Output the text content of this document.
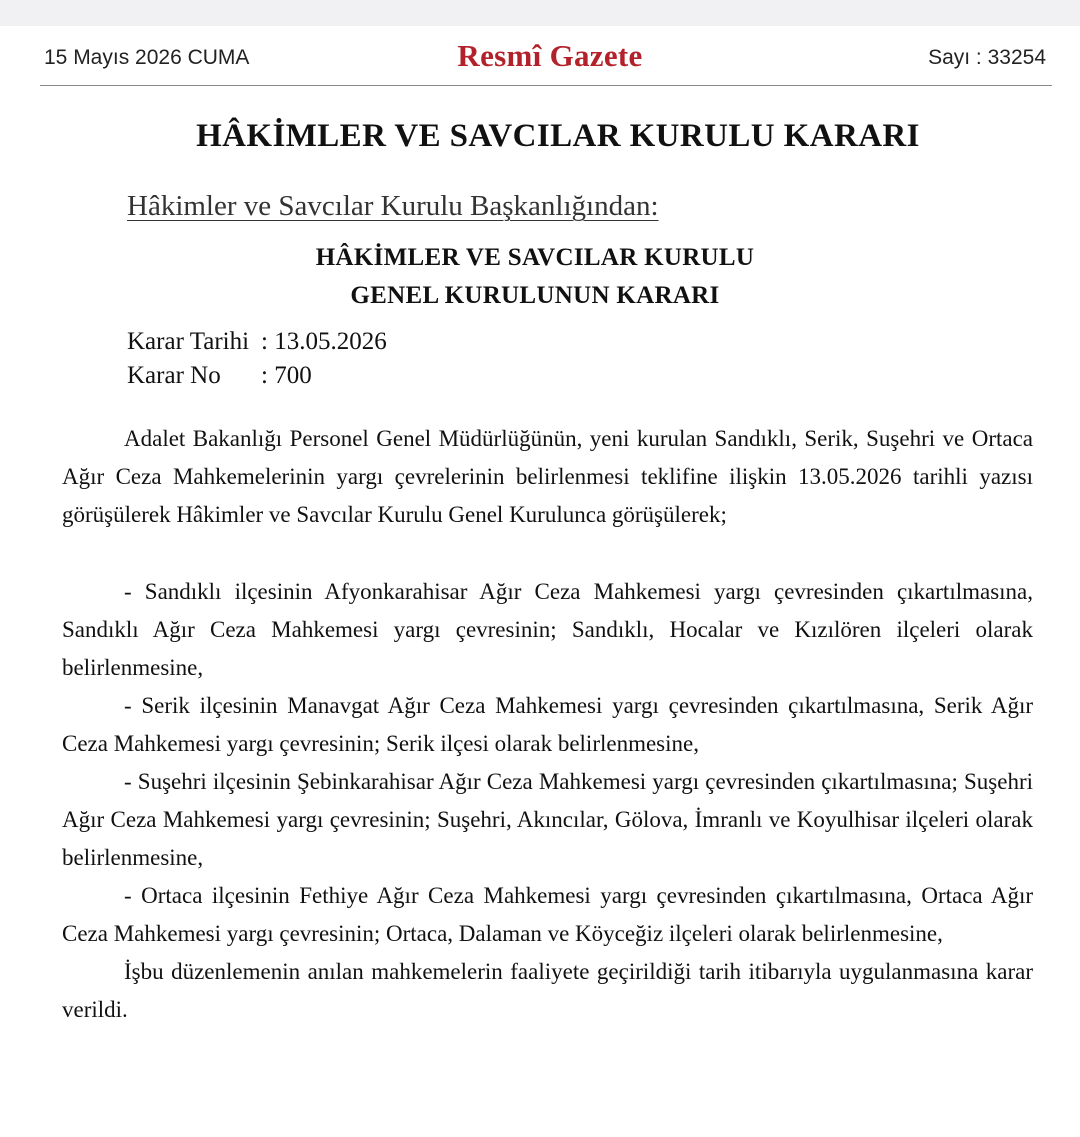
15 Mayıs 2026 CUMA	Resmî Gazete	Sayı : 33254
HÂKİMLER VE SAVCILAR KURULU KARARI
Hâkimler ve Savcılar Kurulu Başkanlığından:
HÂKİMLER VE SAVCILAR KURULU
GENEL KURULUNUN KARARI
Karar Tarihi : 13.05.2026
Karar No : 700

Adalet Bakanlığı Personel Genel Müdürlüğünün, yeni kurulan Sandıklı, Serik, Suşehri ve Ortaca Ağır Ceza Mahkemelerinin yargı çevrelerinin belirlenmesi teklifine ilişkin 13.05.2026 tarihli yazısı görüşülerek Hâkimler ve Savcılar Kurulu Genel Kurulunca görüşülerek;

- Sandıklı ilçesinin Afyonkarahisar Ağır Ceza Mahkemesi yargı çevresinden çıkartılmasına, Sandıklı Ağır Ceza Mahkemesi yargı çevresinin; Sandıklı, Hocalar ve Kızılören ilçeleri olarak belirlenmesine,

- Serik ilçesinin Manavgat Ağır Ceza Mahkemesi yargı çevresinden çıkartılmasına, Serik Ağır Ceza Mahkemesi yargı çevresinin; Serik ilçesi olarak belirlenmesine,

- Suşehri ilçesinin Şebinkarahisar Ağır Ceza Mahkemesi yargı çevresinden çıkartılmasına; Suşehri Ağır Ceza Mahkemesi yargı çevresinin; Suşehri, Akıncılar, Gölova, İmranlı ve Koyulhisar ilçeleri olarak belirlenmesine,

- Ortaca ilçesinin Fethiye Ağır Ceza Mahkemesi yargı çevresinden çıkartılmasına, Ortaca Ağır Ceza Mahkemesi yargı çevresinin; Ortaca, Dalaman ve Köyceğiz ilçeleri olarak belirlenmesine,

İşbu düzenlemenin anılan mahkemelerin faaliyete geçirildiği tarih itibarıyla uygulanmasına karar verildi.
